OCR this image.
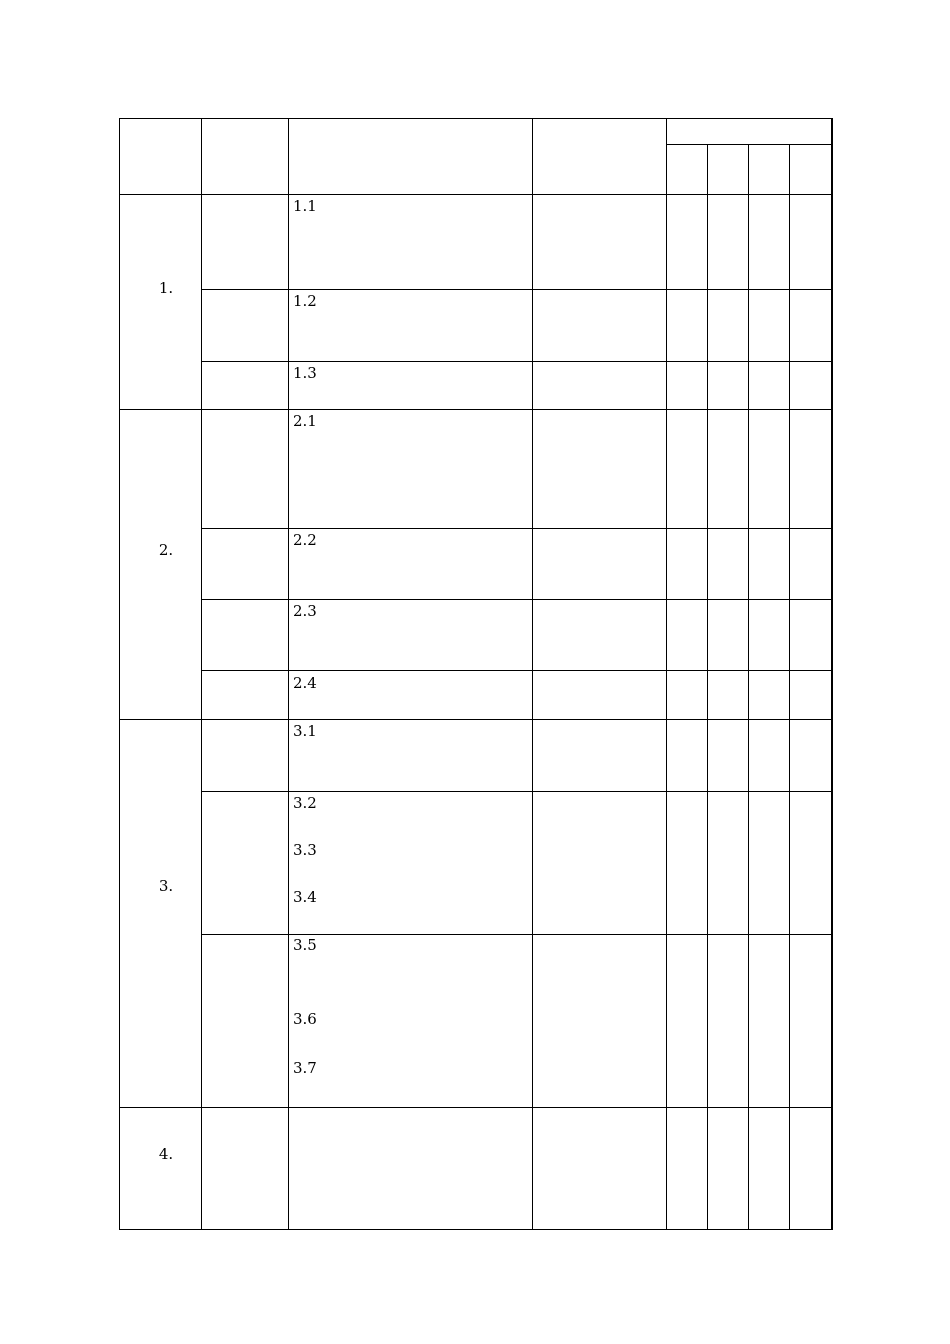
1.
2.
3.
4.
1.1
1.2
1.3
2.1
2.2
2.3
2.4
3.1
3.2
3.3
3.4
3.5
3.6
3.7
